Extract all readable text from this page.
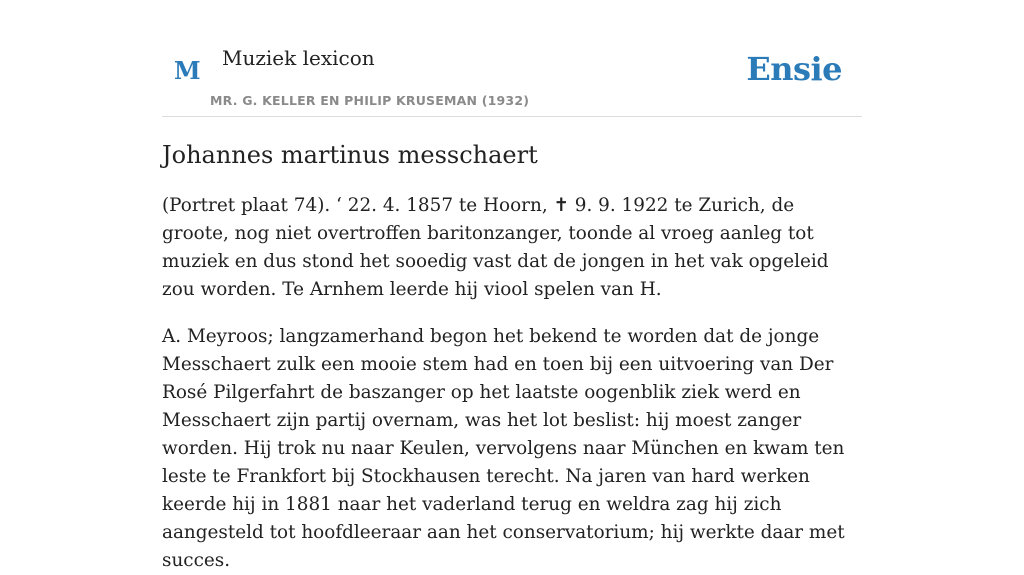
M Muziek lexicon
MR. G. KELLER EN PHILIP KRUSEMAN (1932)
Ensie
Johannes martinus messchaert

(Portret plaat 74). ‘ 22. 4. 1857 te Hoorn, ✝ 9. 9. 1922 te Zurich, de groote, nog niet overtroffen baritonzanger, toonde al vroeg aanleg tot muziek en dus stond het sooedig vast dat de jongen in het vak opgeleid zou worden. Te Arnhem leerde hij viool spelen van H.

A. Meyroos; langzamerhand begon het bekend te worden dat de jonge Messchaert zulk een mooie stem had en toen bij een uitvoering van Der Rosé Pilgerfahrt de baszanger op het laatste oogenblik ziek werd en Messchaert zijn partij overnam, was het lot beslist: hij moest zanger worden. Hij trok nu naar Keulen, vervolgens naar München en kwam ten leste te Frankfort bij Stockhausen terecht. Na jaren van hard werken keerde hij in 1881 naar het vaderland terug en weldra zag hij zich aangesteld tot hoofdleeraar aan het conservatorium; hij werkte daar met succes.
